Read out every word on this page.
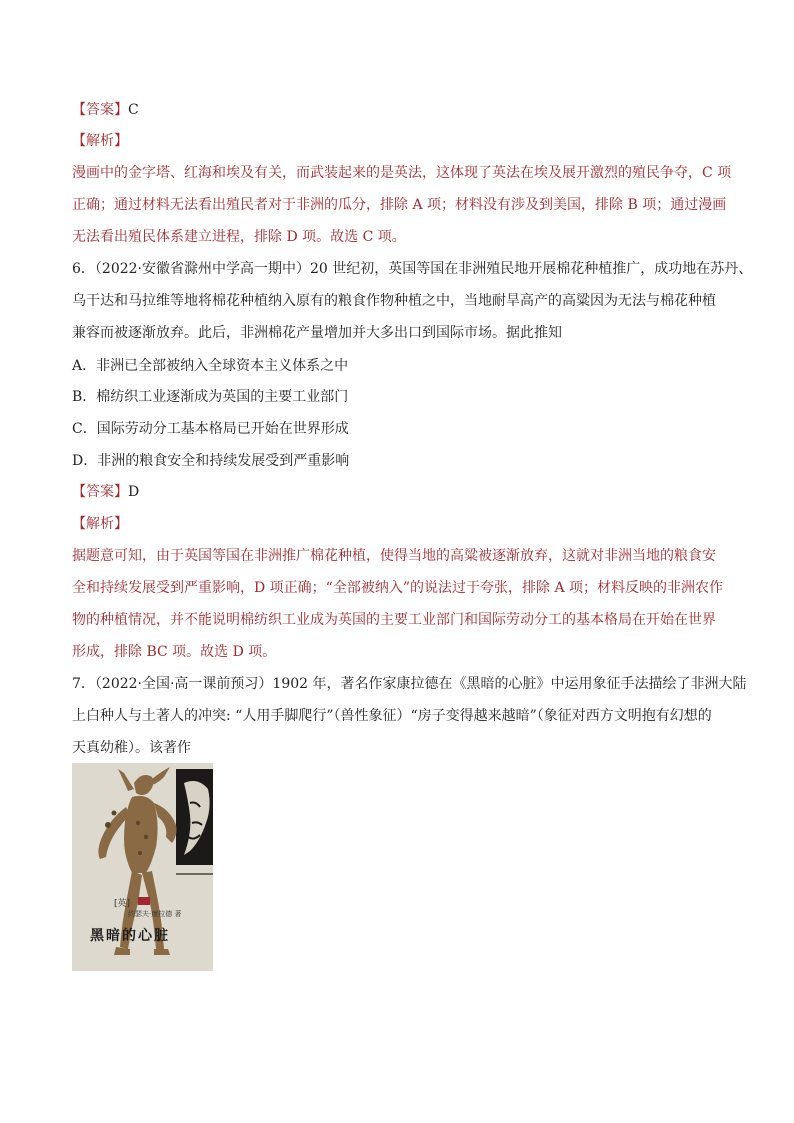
【答案】C
【解析】
漫画中的金字塔、红海和埃及有关，而武装起来的是英法，这体现了英法在埃及展开激烈的殖民争夺，C 项
正确；通过材料无法看出殖民者对于非洲的瓜分，排除 A 项；材料没有涉及到美国，排除 B 项；通过漫画
无法看出殖民体系建立进程，排除 D 项。故选 C 项。
6．（2022·安徽省滁州中学高一期中）20 世纪初，英国等国在非洲殖民地开展棉花种植推广，成功地在苏丹、
乌干达和马拉维等地将棉花种植纳入原有的粮食作物种植之中，当地耐旱高产的高粱因为无法与棉花种植
兼容而被逐渐放弃。此后，非洲棉花产量增加并大多出口到国际市场。据此推知
A．非洲已全部被纳入全球资本主义体系之中
B．棉纺织工业逐渐成为英国的主要工业部门
C．国际劳动分工基本格局已开始在世界形成
D．非洲的粮食安全和持续发展受到严重影响
【答案】D
【解析】
据题意可知，由于英国等国在非洲推广棉花种植，使得当地的高粱被逐渐放弃，这就对非洲当地的粮食安
全和持续发展受到严重影响，D 项正确；“全部被纳入”的说法过于夸张，排除 A 项；材料反映的非洲农作
物的种植情况，并不能说明棉纺织工业成为英国的主要工业部门和国际劳动分工的基本格局在开始在世界
形成，排除 BC 项。故选 D 项。
7．（2022·全国·高一课前预习）1902 年，著名作家康拉德在《黑暗的心脏》中运用象征手法描绘了非洲大陆
上白种人与土著人的冲突: “人用手脚爬行”（兽性象征）“房子变得越来越暗”（象征对西方文明抱有幻想的
天真幼稚）。该著作
[英]
约瑟夫·康拉德 著
黑暗的心脏
